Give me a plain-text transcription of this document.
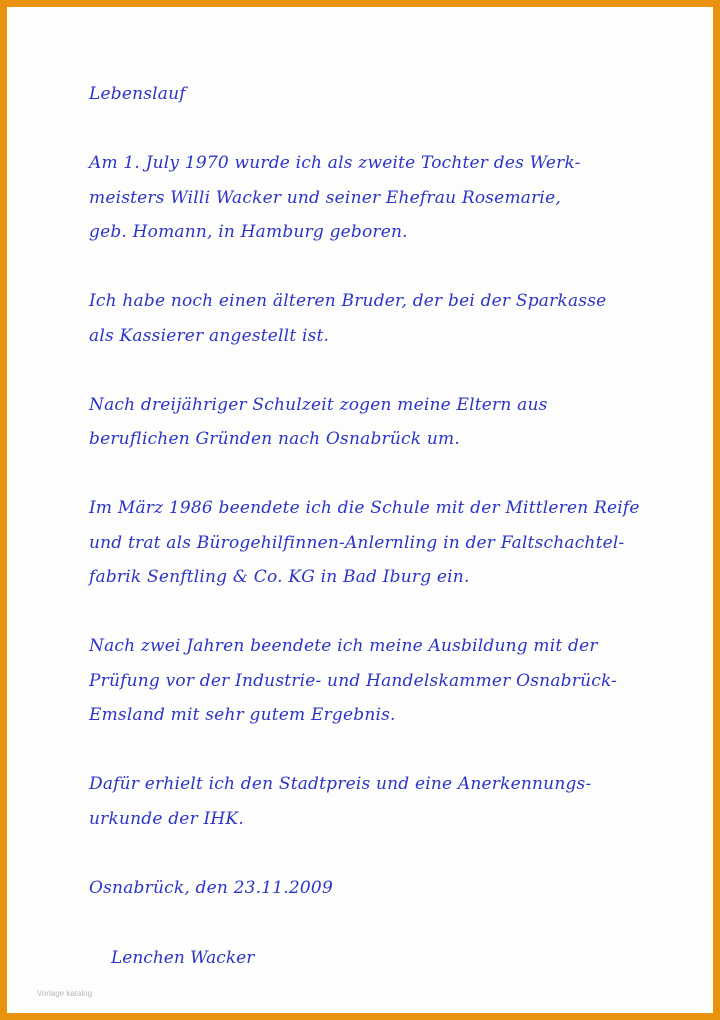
Lebenslauf
Am 1. July 1970 wurde ich als zweite Tochter des Werk-
meisters Willi Wacker und seiner Ehefrau Rosemarie,
geb. Homann, in Hamburg geboren.
Ich habe noch einen älteren Bruder, der bei der Sparkasse
als Kassierer angestellt ist.
Nach dreijähriger Schulzeit zogen meine Eltern aus
beruflichen Gründen nach Osnabrück um.
Im März 1986 beendete ich die Schule mit der Mittleren Reife
und trat als Bürogehilfinnen-Anlernling in der Faltschachtel-
fabrik Senftling & Co. KG in Bad Iburg ein.
Nach zwei Jahren beendete ich meine Ausbildung mit der
Prüfung vor der Industrie- und Handelskammer Osnabrück-
Emsland mit sehr gutem Ergebnis.
Dafür erhielt ich den Stadtpreis und eine Anerkennungs-
urkunde der IHK.
Osnabrück, den 23.11.2009
Lenchen Wacker
Vorlage katalog
